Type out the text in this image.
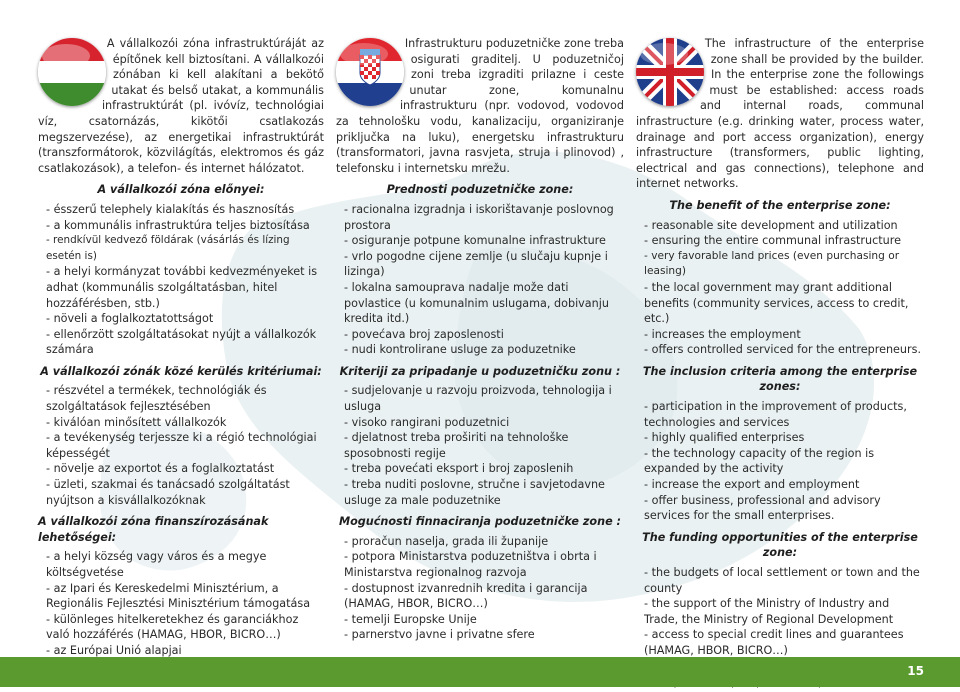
A vállalkozói zóna infrastruktúráját az építőnek kell biztosítani. A vállalkozói zónában ki kell alakítani a bekötő utakat és belső utakat, a kommunális infrastruktúrát (pl. ivóvíz, technológiai víz, csatornázás, kikötői csatlakozás megszervezése), az energetikai infrastruktúrát (transzformátorok, közvilágítás, elektromos és gáz csatlakozások), a telefon- és internet hálózatot.

A vállalkozói zóna előnyei:
- ésszerű telephely kialakítás és hasznosítás
- a kommunális infrastruktúra teljes biztosítása
- rendkívül kedvező földárak (vásárlás és lízing esetén is)
- a helyi kormányzat további kedvezményeket is adhat (kommunális szolgáltatásban, hitel hozzáférésben, stb.)
- növeli a foglalkoztatottságot
- ellenőrzött szolgáltatásokat nyújt a vállalkozók számára
A vállalkozói zónák közé kerülés kritériumai:
- részvétel a termékek, technológiák és szolgáltatások fejlesztésében
- kiválóan minősített vállalkozók
- a tevékenység terjessze ki a régió technológiai képességét
- növelje az exportot és a foglalkoztatást
- üzleti, szakmai és tanácsadó szolgáltatást nyújtson a kisvállalkozóknak
A vállalkozói zóna finanszírozásának lehetőségei:
- a helyi község vagy város és a megye költségvetése
- az Ipari és Kereskedelmi Minisztérium, a Regionális Fejlesztési Minisztérium támogatása
- különleges hitelkeretekhez és garanciákhoz való hozzáférés (HAMAG, HBOR, BICRO…)
- az Európai Unió alapjai

Infrastrukturu poduzetničke zone treba osigurati graditelj. U poduzetničoj zoni treba izgraditi prilazne i ceste unutar zone, komunalnu infrastrukturu (npr. vodovod, vodovod za tehnološku vodu, kanalizaciju, organiziranje priključka na luku), energetsku infrastrukturu (transformatori, javna rasvjeta, struja i plinovod) , telefonsku i internetsku mrežu.

Prednosti poduzetničke zone:
- racionalna izgradnja i iskorištavanje poslovnog prostora
- osiguranje potpune komunalne infrastrukture
- vrlo pogodne cijene zemlje (u slučaju kupnje i lizinga)
- lokalna samouprava nadalje može dati povlastice (u komunalnim uslugama, dobivanju kredita itd.)
- povećava broj zaposlenosti
- nudi kontrolirane usluge za poduzetnike
Kriteriji za pripadanje u poduzetničku zonu :
- sudjelovanje u razvoju proizvoda, tehnologija i usluga
- visoko rangirani poduzetnici
- djelatnost treba proširiti na tehnološke sposobnosti regije
- treba povećati eksport i broj zaposlenih
- treba nuditi poslovne, stručne i savjetodavne usluge za male poduzetnike
Mogućnosti finnaciranja poduzetničke zone :
- proračun naselja, grada ili županije
- potpora Ministarstva poduzetništva i obrta i Ministarstva regionalnog razvoja
- dostupnost izvanrednih kredita i garancija (HAMAG, HBOR, BICRO…)
- temelji Europske Unije
- parnerstvo javne i privatne sfere

The infrastructure of the enterprise zone shall be provided by the builder. In the enterprise zone the followings must be established: access roads and internal roads, communal infrastructure (e.g. drinking water, process water, drainage and port access organization), energy infrastructure (transformers, public lighting, electrical and gas connections), telephone and internet networks.

The benefit of the enterprise zone:
- reasonable site development and utilization
- ensuring the entire communal infrastructure
- very favorable land prices (even purchasing or leasing)
- the local government may grant additional benefits (community services, access to credit, etc.)
- increases the employment
- offers controlled serviced for the entrepreneurs.
The inclusion criteria among the enterprise zones:
- participation in the improvement of products, technologies and services
- highly qualified enterprises
- the technology capacity of the region is expanded by the activity
- increase the export and employment
- offer business, professional and advisory services for the small enterprises.
The funding opportunities of the enterprise zone:
- the budgets of local settlement or town and the county
- the support of the Ministry of Industry and Trade, the Ministry of Regional Development
- access to special credit lines and guarantees (HAMAG, HBOR, BICRO…)
15
